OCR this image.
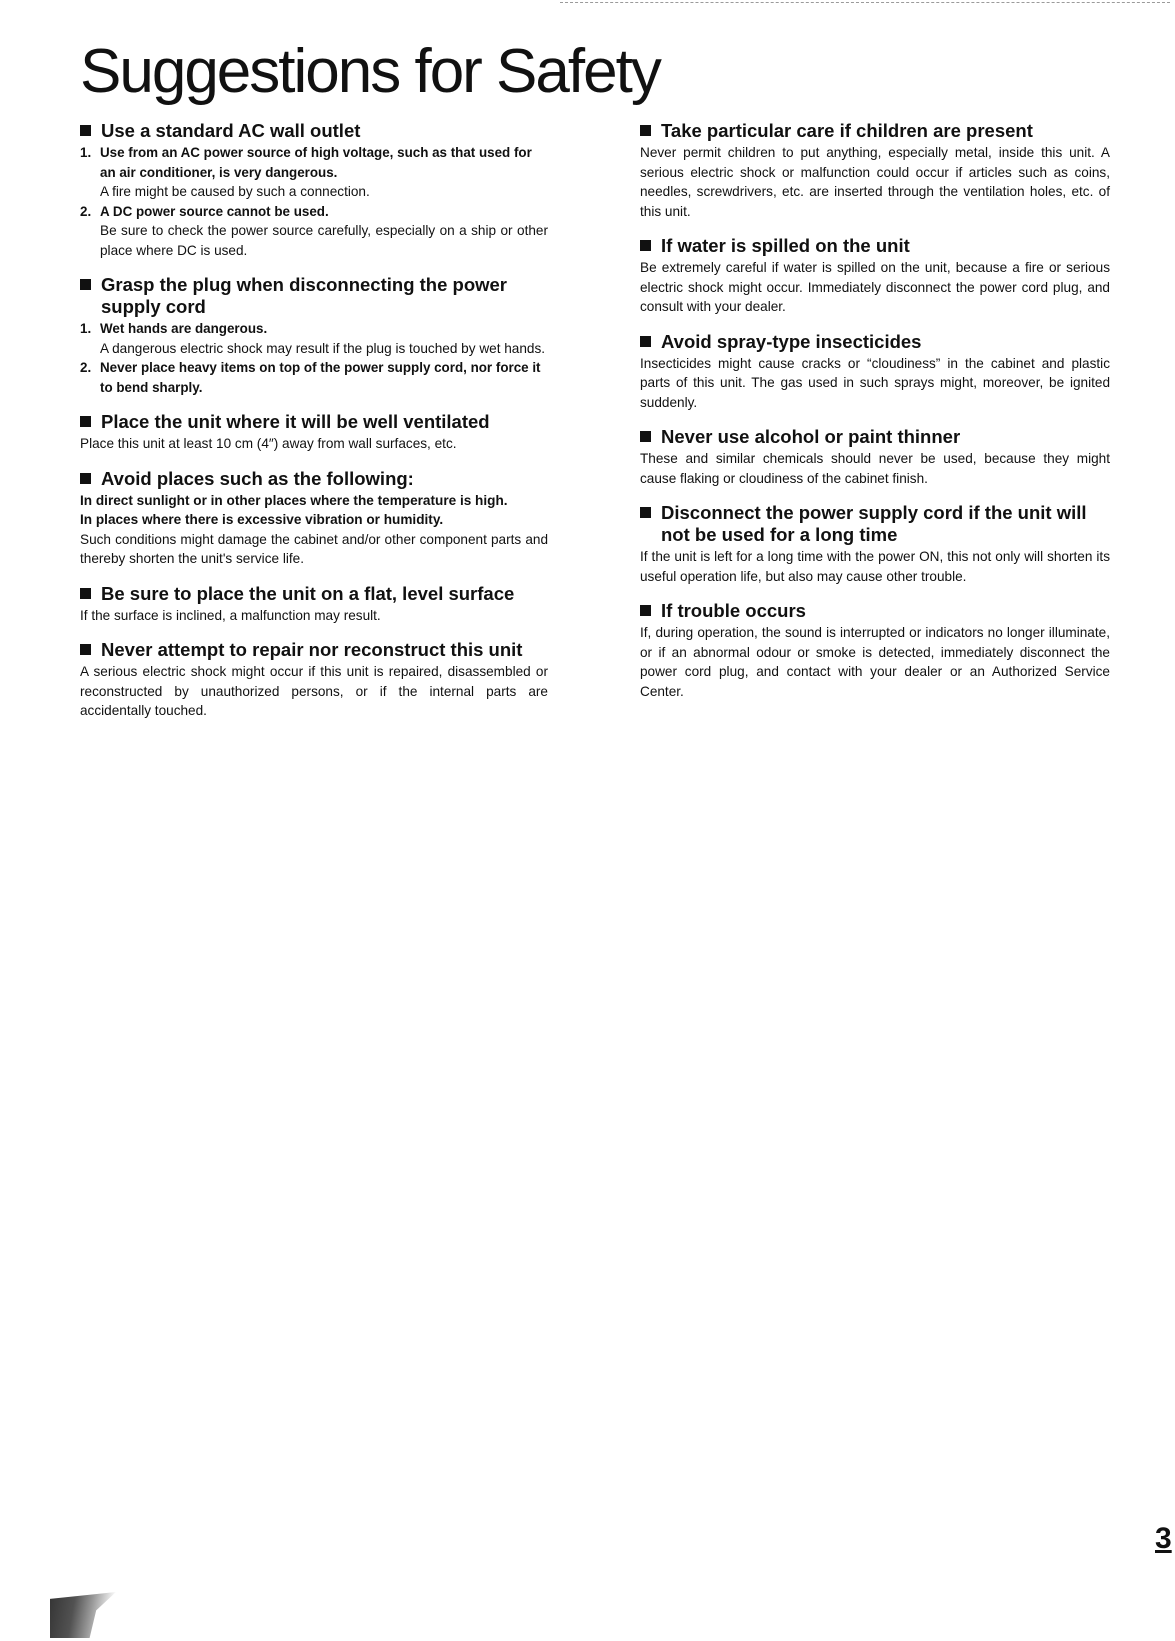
Suggestions for Safety
Use a standard AC wall outlet

1. Use from an AC power source of high voltage, such as that used for an air conditioner, is very dangerous.

A fire might be caused by such a connection.

2. A DC power source cannot be used.

Be sure to check the power source carefully, especially on a ship or other place where DC is used.

Grasp the plug when disconnecting the power supply cord

1. Wet hands are dangerous.

A dangerous electric shock may result if the plug is touched by wet hands.

2. Never place heavy items on top of the power supply cord, nor force it to bend sharply.

Place the unit where it will be well ventilated

Place this unit at least 10 cm (4″) away from wall surfaces, etc.

Avoid places such as the following:

In direct sunlight or in other places where the temperature is high.

In places where there is excessive vibration or humidity.

Such conditions might damage the cabinet and/or other component parts and thereby shorten the unit's service life.

Be sure to place the unit on a flat, level surface

If the surface is inclined, a malfunction may result.

Never attempt to repair nor reconstruct this unit

A serious electric shock might occur if this unit is repaired, disassembled or reconstructed by unauthorized persons, or if the internal parts are accidentally touched.

Take particular care if children are present

Never permit children to put anything, especially metal, inside this unit. A serious electric shock or malfunction could occur if articles such as coins, needles, screwdrivers, etc. are inserted through the ventilation holes, etc. of this unit.

If water is spilled on the unit

Be extremely careful if water is spilled on the unit, because a fire or serious electric shock might occur. Immediately disconnect the power cord plug, and consult with your dealer.

Avoid spray-type insecticides

Insecticides might cause cracks or “cloudiness” in the cabinet and plastic parts of this unit. The gas used in such sprays might, moreover, be ignited suddenly.

Never use alcohol or paint thinner

These and similar chemicals should never be used, because they might cause flaking or cloudiness of the cabinet finish.

Disconnect the power supply cord if the unit will not be used for a long time

If the unit is left for a long time with the power ON, this not only will shorten its useful operation life, but also may cause other trouble.

If trouble occurs

If, during operation, the sound is interrupted or indicators no longer illuminate, or if an abnormal odour or smoke is detected, immediately disconnect the power cord plug, and contact with your dealer or an Authorized Service Center.

3
